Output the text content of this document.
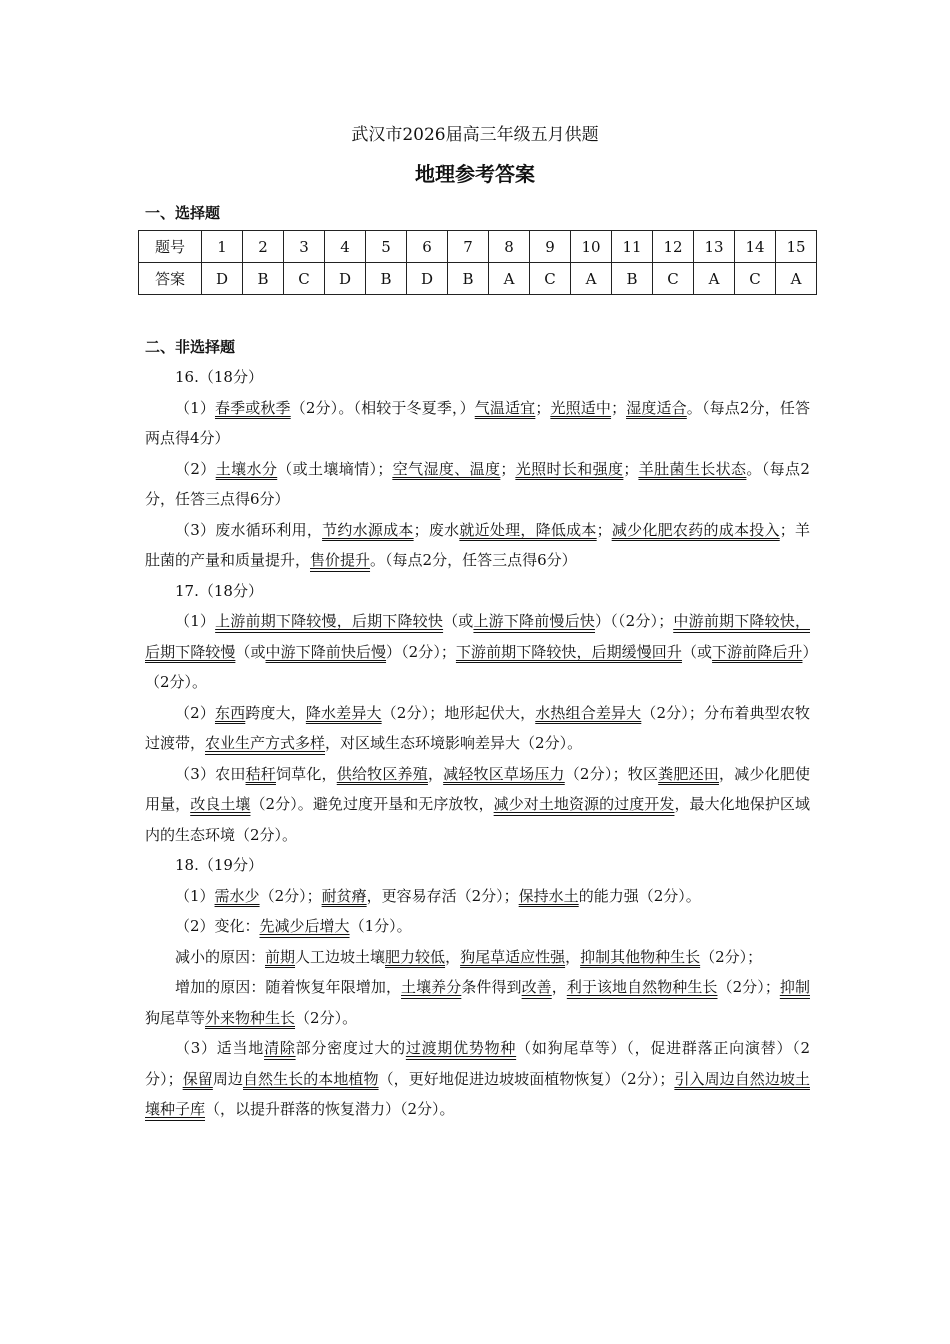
武汉市2026届高三年级五月供题
地理参考答案
一、选择题
题号	1	2	3	4	5	6	7	8	9	10	11	12	13	14	15
答案	D	B	C	D	B	D	B	A	C	A	B	C	A	C	A
二、非选择题

16.（18分）

（1）春季或秋季（2分）。（相较于冬夏季，）气温适宜；光照适中；湿度适合。（每点2分，任答两点得4分）

（2）土壤水分（或土壤墒情）；空气湿度、温度；光照时长和强度；羊肚菌生长状态。（每点2分，任答三点得6分）

（3）废水循环利用，节约水源成本；废水就近处理，降低成本；减少化肥农药的成本投入；羊肚菌的产量和质量提升，售价提升。（每点2分，任答三点得6分）

17.（18分）

（1）上游前期下降较慢，后期下降较快（或上游下降前慢后快）（（2分）；中游前期下降较快，后期下降较慢（或中游下降前快后慢）（2分）；下游前期下降较快，后期缓慢回升（或下游前降后升）（2分）。

（2）东西跨度大，降水差异大（2分）；地形起伏大，水热组合差异大（2分）；分布着典型农牧过渡带，农业生产方式多样，对区域生态环境影响差异大（2分）。

（3）农田秸秆饲草化，供给牧区养殖，减轻牧区草场压力（2分）；牧区粪肥还田，减少化肥使用量，改良土壤（2分）。避免过度开垦和无序放牧，减少对土地资源的过度开发，最大化地保护区域内的生态环境（2分）。

18.（19分）

（1）需水少（2分）；耐贫瘠，更容易存活（2分）；保持水土的能力强（2分）。

（2）变化：先减少后增大（1分）。

减小的原因：前期人工边坡土壤肥力较低，狗尾草适应性强，抑制其他物种生长（2分）；

增加的原因：随着恢复年限增加，土壤养分条件得到改善，利于该地自然物种生长（2分）；抑制狗尾草等外来物种生长（2分）。

（3）适当地清除部分密度过大的过渡期优势物种（如狗尾草等）（，促进群落正向演替）（2分）；保留周边自然生长的本地植物（，更好地促进边坡坡面植物恢复）（2分）；引入周边自然边坡土壤种子库（，以提升群落的恢复潜力）（2分）。
